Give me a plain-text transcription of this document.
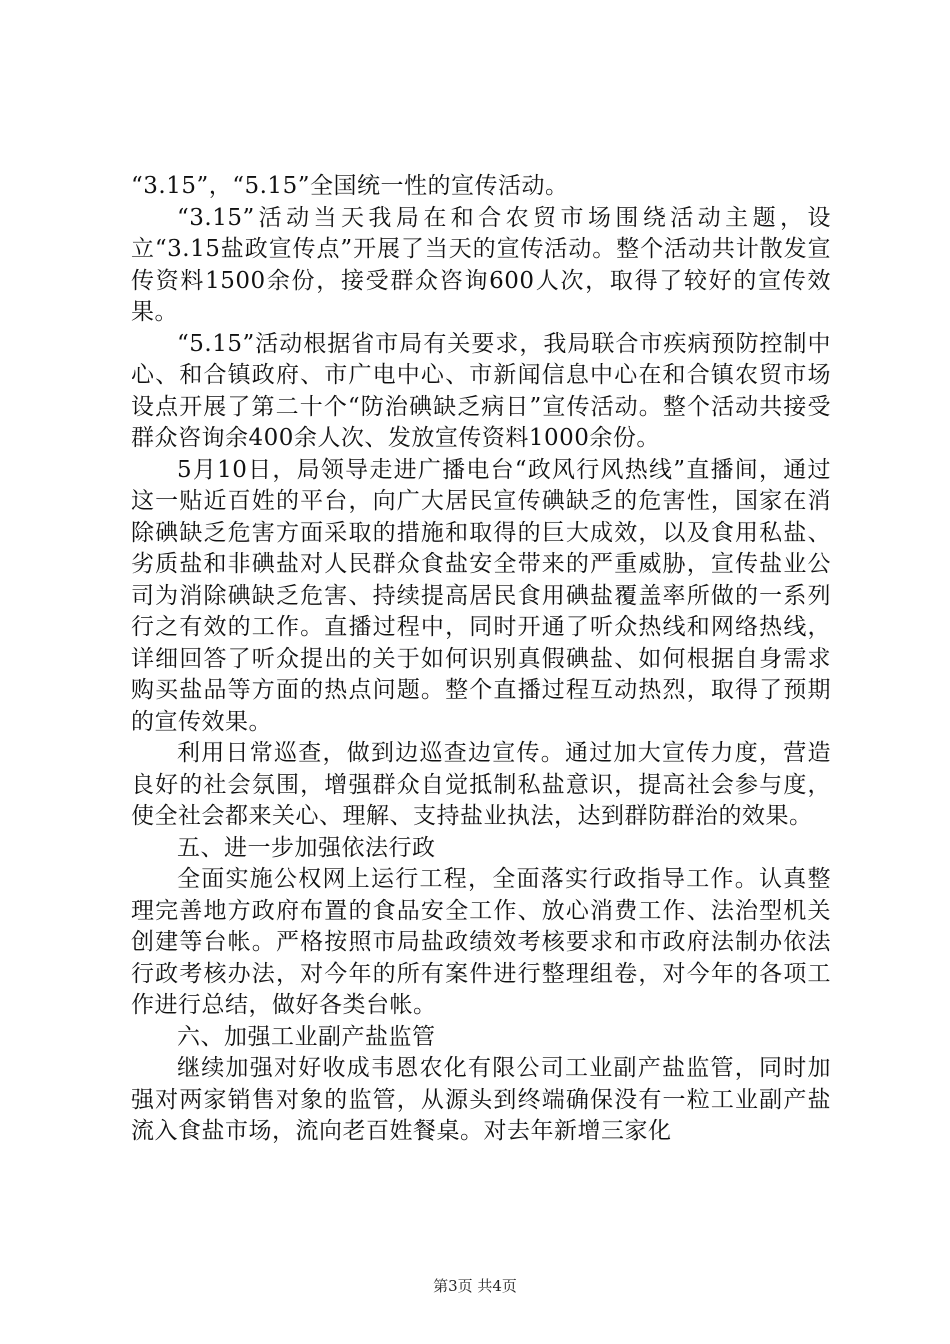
“3.15”，“5.15”全国统一性的宣传活动。

“3.15”活动当天我局在和合农贸市场围绕活动主题，设立“3.15盐政宣传点”开展了当天的宣传活动。整个活动共计散发宣传资料1500余份，接受群众咨询600人次，取得了较好的宣传效果。

“5.15”活动根据省市局有关要求，我局联合市疾病预防控制中心、和合镇政府、市广电中心、市新闻信息中心在和合镇农贸市场设点开展了第二十个“防治碘缺乏病日”宣传活动。整个活动共接受群众咨询余400余人次、发放宣传资料1000余份。

5月10日，局领导走进广播电台“政风行风热线”直播间，通过这一贴近百姓的平台，向广大居民宣传碘缺乏的危害性，国家在消除碘缺乏危害方面采取的措施和取得的巨大成效，以及食用私盐、劣质盐和非碘盐对人民群众食盐安全带来的严重威胁，宣传盐业公司为消除碘缺乏危害、持续提高居民食用碘盐覆盖率所做的一系列行之有效的工作。直播过程中，同时开通了听众热线和网络热线，详细回答了听众提出的关于如何识别真假碘盐、如何根据自身需求购买盐品等方面的热点问题。整个直播过程互动热烈，取得了预期的宣传效果。

利用日常巡查，做到边巡查边宣传。通过加大宣传力度，营造良好的社会氛围，增强群众自觉抵制私盐意识，提高社会参与度，使全社会都来关心、理解、支持盐业执法，达到群防群治的效果。

五、进一步加强依法行政

全面实施公权网上运行工程，全面落实行政指导工作。认真整理完善地方政府布置的食品安全工作、放心消费工作、法治型机关创建等台帐。严格按照市局盐政绩效考核要求和市政府法制办依法行政考核办法，对今年的所有案件进行整理组卷，对今年的各项工作进行总结，做好各类台帐。

六、加强工业副产盐监管

继续加强对好收成韦恩农化有限公司工业副产盐监管，同时加强对两家销售对象的监管，从源头到终端确保没有一粒工业副产盐流入食盐市场，流向老百姓餐桌。对去年新增三家化

第3页 共4页
